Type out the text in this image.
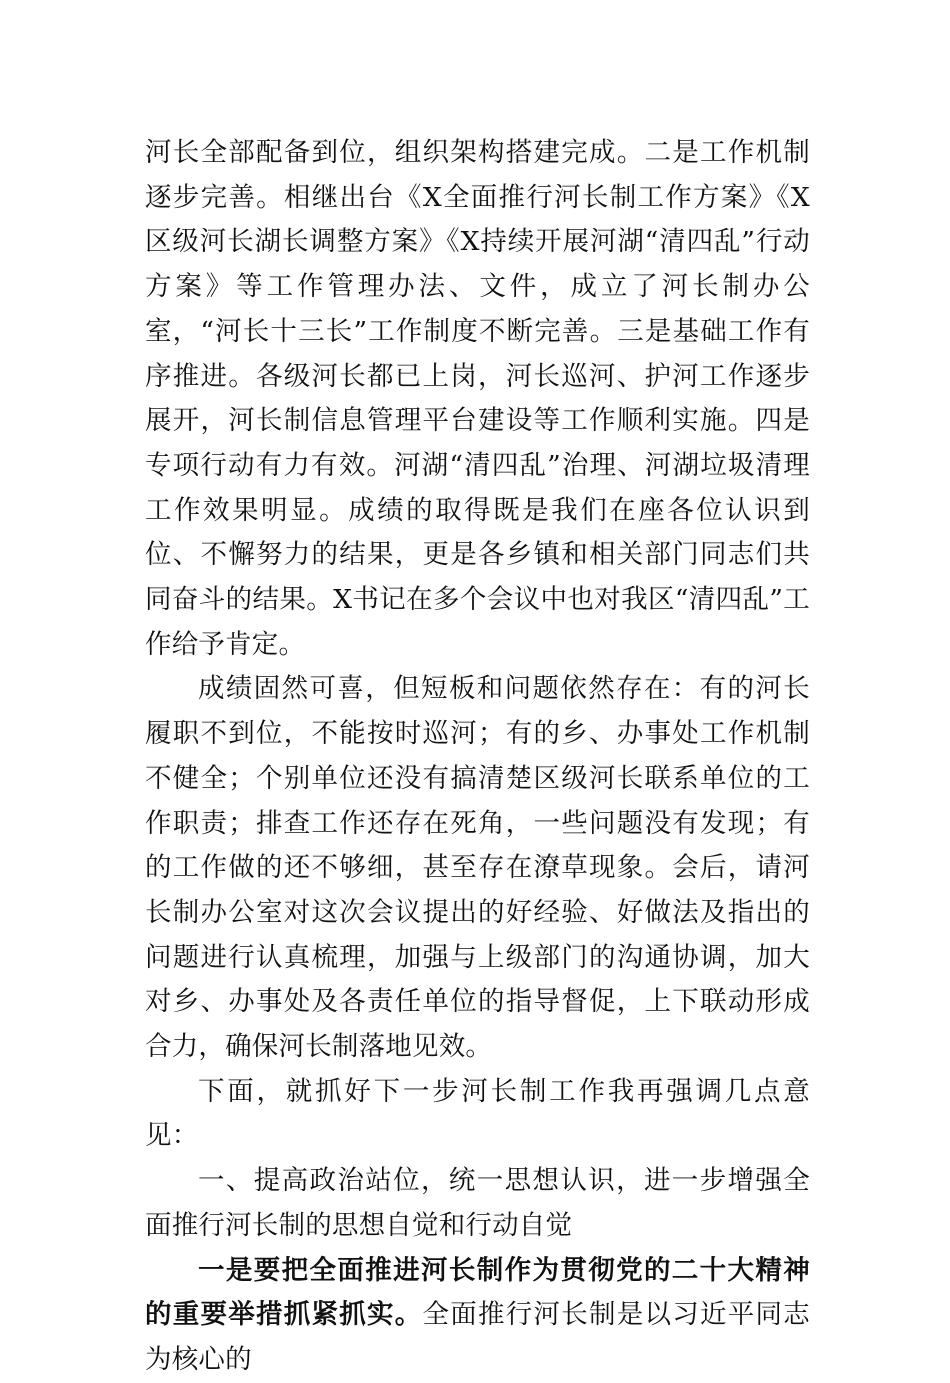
河长全部配备到位，组织架构搭建完成。二是工作机制逐步完善。相继出台《X全面推行河长制工作方案》《X区级河长湖长调整方案》《X持续开展河湖“清四乱”行动方案》等工作管理办法、文件，成立了河长制办公室，“河长十三长”工作制度不断完善。三是基础工作有序推进。各级河长都已上岗，河长巡河、护河工作逐步展开，河长制信息管理平台建设等工作顺利实施。四是专项行动有力有效。河湖“清四乱”治理、河湖垃圾清理工作效果明显。成绩的取得既是我们在座各位认识到位、不懈努力的结果，更是各乡镇和相关部门同志们共同奋斗的结果。X书记在多个会议中也对我区“清四乱”工作给予肯定。

成绩固然可喜，但短板和问题依然存在：有的河长履职不到位，不能按时巡河；有的乡、办事处工作机制不健全；个别单位还没有搞清楚区级河长联系单位的工作职责；排查工作还存在死角，一些问题没有发现；有的工作做的还不够细，甚至存在潦草现象。会后，请河长制办公室对这次会议提出的好经验、好做法及指出的问题进行认真梳理，加强与上级部门的沟通协调，加大对乡、办事处及各责任单位的指导督促，上下联动形成合力，确保河长制落地见效。

下面，就抓好下一步河长制工作我再强调几点意见：

一、提高政治站位，统一思想认识，进一步增强全面推行河长制的思想自觉和行动自觉

一是要把全面推进河长制作为贯彻党的二十大精神的重要举措抓紧抓实。全面推行河长制是以习近平同志为核心的
